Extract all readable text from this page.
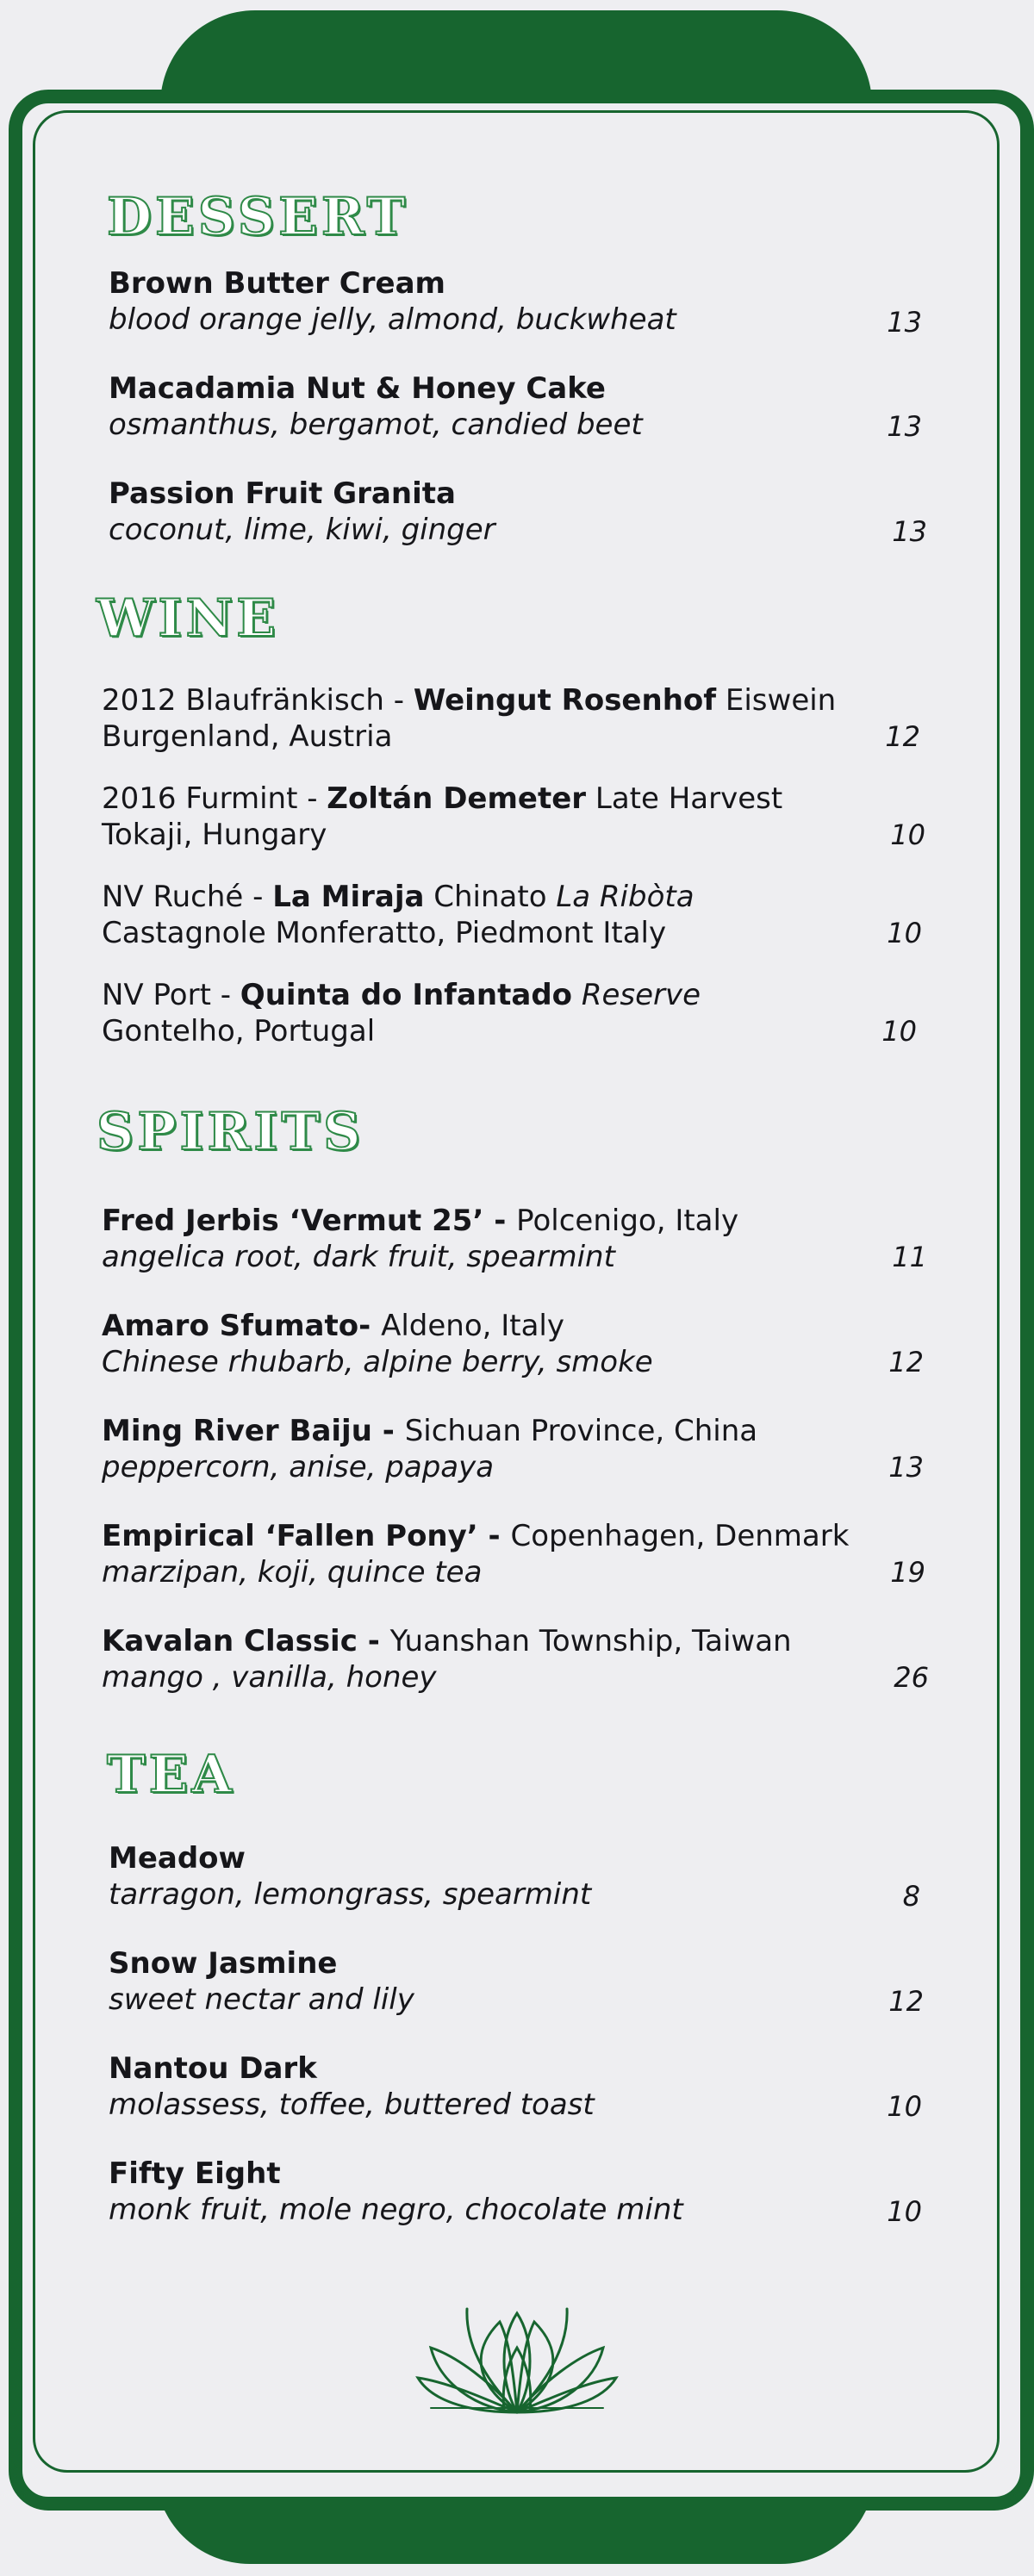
DESSERT
Brown Butter Cream
blood orange jelly, almond, buckwheat	13
Macadamia Nut & Honey Cake
osmanthus, bergamot, candied beet	13
Passion Fruit Granita
coconut, lime, kiwi, ginger	13
WINE
2012 Blaufränkisch - Weingut Rosenhof Eiswein
Burgenland, Austria	12
2016 Furmint - Zoltán Demeter Late Harvest
Tokaji, Hungary	10
NV Ruché - La Miraja Chinato La Ribòta
Castagnole Monferatto, Piedmont Italy	10
NV Port - Quinta do Infantado Reserve
Gontelho, Portugal	10
SPIRITS
Fred Jerbis ‘Vermut 25’ - Polcenigo, Italy
angelica root, dark fruit, spearmint	11
Amaro Sfumato- Aldeno, Italy
Chinese rhubarb, alpine berry, smoke	12
Ming River Baiju - Sichuan Province, China
peppercorn, anise, papaya	13
Empirical ‘Fallen Pony’ - Copenhagen, Denmark
marzipan, koji, quince tea	19
Kavalan Classic - Yuanshan Township, Taiwan
mango , vanilla, honey	26
TEA
Meadow
tarragon, lemongrass, spearmint	8
Snow Jasmine
sweet nectar and lily	12
Nantou Dark
molassess, toffee, buttered toast	10
Fifty Eight
monk fruit, mole negro, chocolate mint	10
